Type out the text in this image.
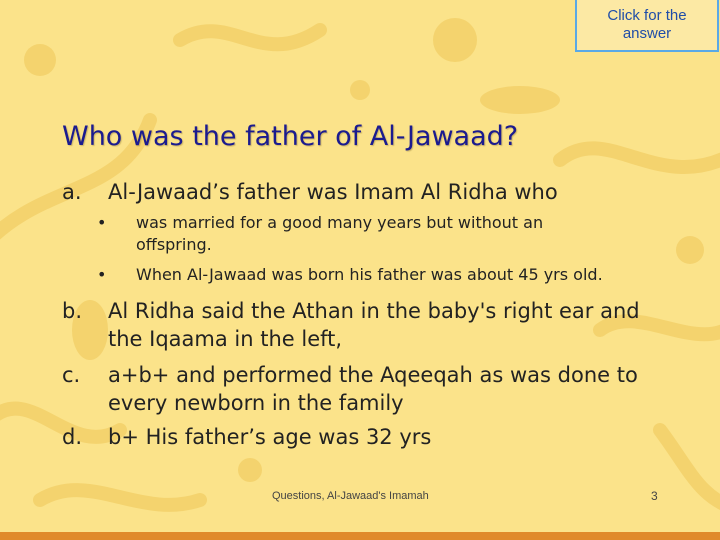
Click for the answer
Who was the father of Al-Jawaad?
a. Al-Jawaad’s father was Imam Al Ridha who
• was married for a good many years but without an offspring.
• When Al-Jawaad was born his father was about 45 yrs old.
b. Al Ridha said the Athan in the baby's right ear and the Iqaama in the left,
c. a+b+ and performed the Aqeeqah as was done to every newborn in the family
d. b+ His father’s age was 32 yrs
Questions, Al-Jawaad's Imamah	3
